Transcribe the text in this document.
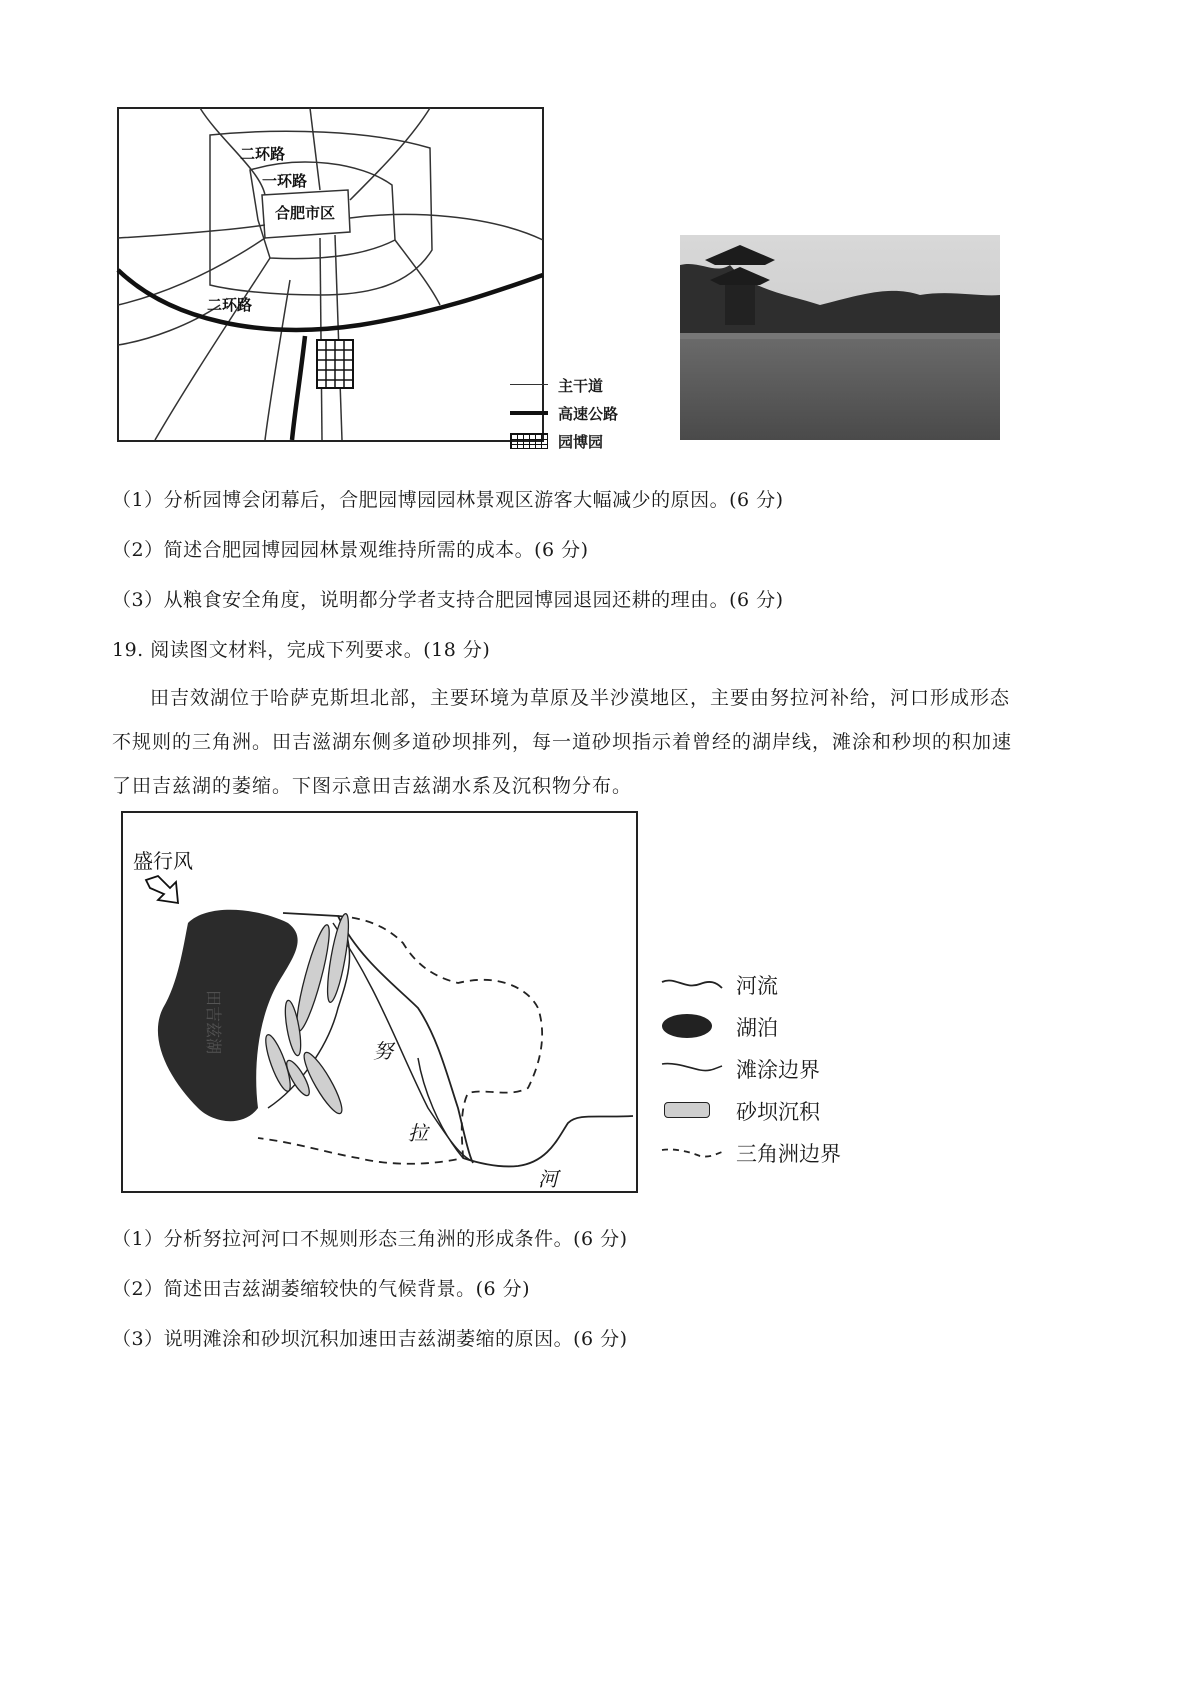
二环路
一环路
合肥市区
二环路
主干道
高速公路
园博园
（1）分析园博会闭幕后，合肥园博园园林景观区游客大幅减少的原因。(6 分)
（2）简述合肥园博园园林景观维持所需的成本。(6 分)
（3）从粮食安全角度，说明都分学者支持合肥园博园退园还耕的理由。(6 分)
19. 阅读图文材料，完成下列要求。(18 分)
田吉效湖位于哈萨克斯坦北部，主要环境为草原及半沙漠地区，主要由努拉河补给，河口形成形态不规则的三角洲。田吉滋湖东侧多道砂坝排列，每一道砂坝指示着曾经的湖岸线，滩涂和秒坝的积加速了田吉兹湖的萎缩。下图示意田吉兹湖水系及沉积物分布。
盛行风
田吉兹湖	努
拉
河
河流
湖泊
滩涂边界
砂坝沉积
三角洲边界
（1）分析努拉河河口不规则形态三角洲的形成条件。(6 分)
（2）简述田吉兹湖萎缩较快的气候背景。(6 分)
（3）说明滩涂和砂坝沉积加速田吉兹湖萎缩的原因。(6 分)
